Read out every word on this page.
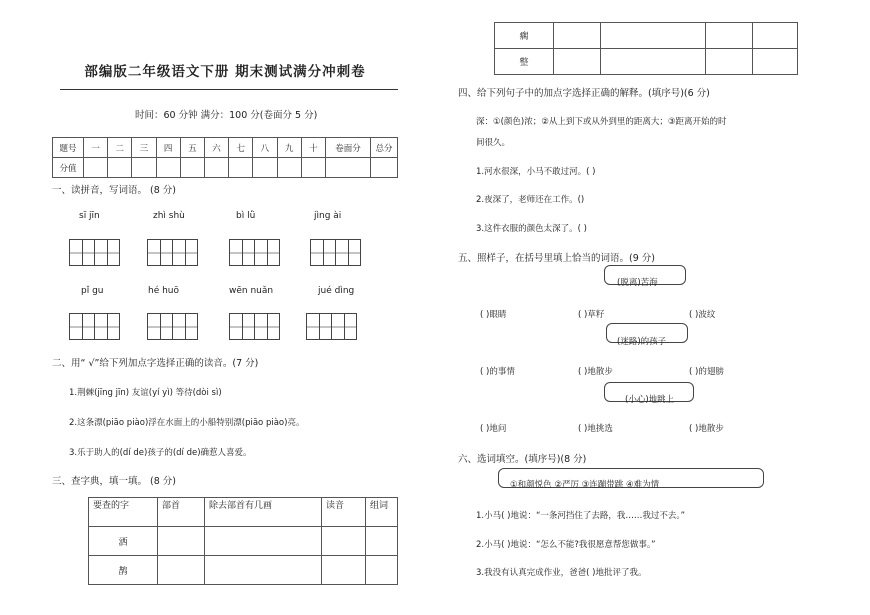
部编版二年级语文下册 期末测试满分冲刺卷
时间：60 分钟 满分：100 分(卷面分 5 分)
题号	一	二	三	四	五	六	七	八	九	十	卷面分	总分
分值												
一、读拼音，写词语。 (8 分)
sī jīn	zhì shù	bì lǜ	jìng ài
pǐ gu	hé huō	wēn nuǎn	jué dìng
二、用“ √”给下列加点字选择正确的读音。(7 分)
1.荆棘(jīng jīn) 友谊(yí yì) 等待(dòi sì)
2.这条漂(piāo piào)浮在水面上的小船特别漂(piāo piào)亮。
3.乐于助人的(dí de)孩子的(dí de)确惹人喜爱。
三、查字典，填一填。 (8 分)
要查的字	部首	除去部首有几画	读音	组词
洒				
鹊				
瘸				
整				
四、给下列句子中的加点字选择正确的解释。(填序号)(6 分)
深：①(颜色)浓；②从上到下或从外到里的距离大；③距离开始的时
间很久。
1.河水很深，小马不敢过河。( )
2.夜深了，老师还在工作。()
3.这件衣服的颜色太深了。( )
五、照样子，在括号里填上恰当的词语。(9 分)
(脱离)苦海
( )眼睛	( )草籽	( )波纹
(迷路)的孩子
( )的事情	( )地散步	( )的翅膀
(小心)地跳上
( )地问	( )地挑选	( )地散步
六、选词填空。(填序号)(8 分)
①和颜悦色 ②严厉 ③连蹦带跳 ④难为情
1.小马( )地说：“一条河挡住了去路，我……我过不去。”
2.小马( )地说：“怎么不能?我很愿意帮您做事。”
3.我没有认真完成作业，爸爸( )地批评了我。
